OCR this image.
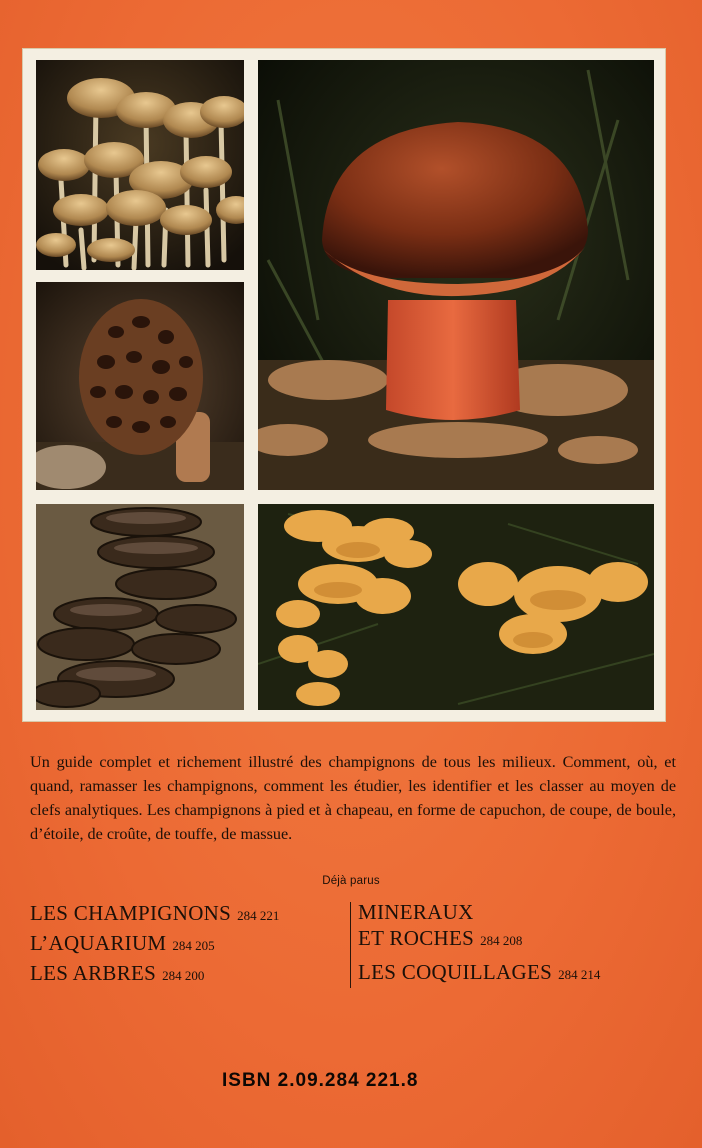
Un guide complet et richement illustré des champignons de tous les milieux. Comment, où, et quand, ramasser les champignons, comment les étudier, les identifier et les classer au moyen de clefs analytiques. Les champignons à pied et à chapeau, en forme de capuchon, de coupe, de boule, d’étoile, de croûte, de touffe, de massue.

Déjà parus
LES CHAMPIGNONS 284 221
L’AQUARIUM 284 205
LES ARBRES 284 200
MINERAUX
ET ROCHES 284 208
LES COQUILLAGES 284 214
ISBN 2.09.284 221.8
